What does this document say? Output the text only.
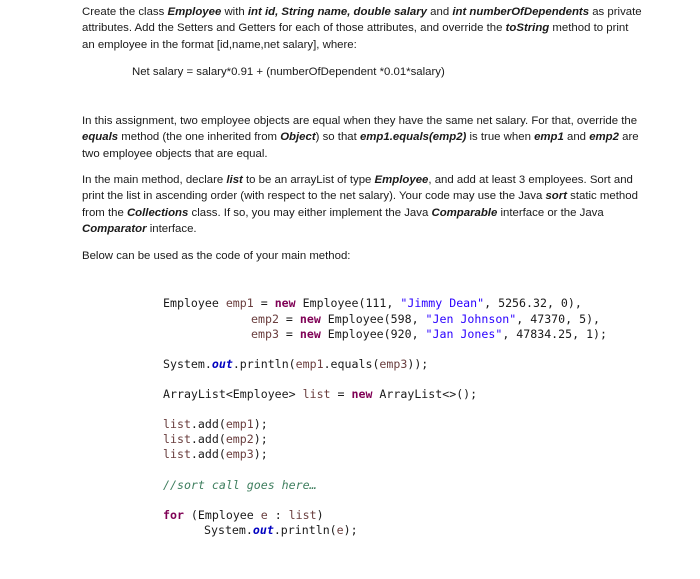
Create the class Employee with int id, String name, double salary and int numberOfDependents as private attributes. Add the Setters and Getters for each of those attributes, and override the toString method to print an employee in the format [id,name,net salary], where:

Net salary = salary*0.91 + (numberOfDependent *0.01*salary)

In this assignment, two employee objects are equal when they have the same net salary. For that, override the equals method (the one inherited from Object) so that emp1.equals(emp2) is true when emp1 and emp2 are two employee objects that are equal.

In the main method, declare list to be an arrayList of type Employee, and add at least 3 employees. Sort and print the list in ascending order (with respect to the net salary). Your code may use the Java sort static method from the Collections class. If so, you may either implement the Java Comparable interface or the Java Comparator interface.

Below can be used as the code of your main method:

Employee emp1 = new Employee(111, "Jimmy Dean", 5256.32, 0),
emp2 = new Employee(598, "Jen Johnson", 47370, 5),
emp3 = new Employee(920, "Jan Jones", 47834.25, 1);
System.out.println(emp1.equals(emp3));
ArrayList<Employee> list = new ArrayList<>();
list.add(emp1);
list.add(emp2);
list.add(emp3);
//sort call goes here…
for (Employee e : list)
System.out.println(e);
